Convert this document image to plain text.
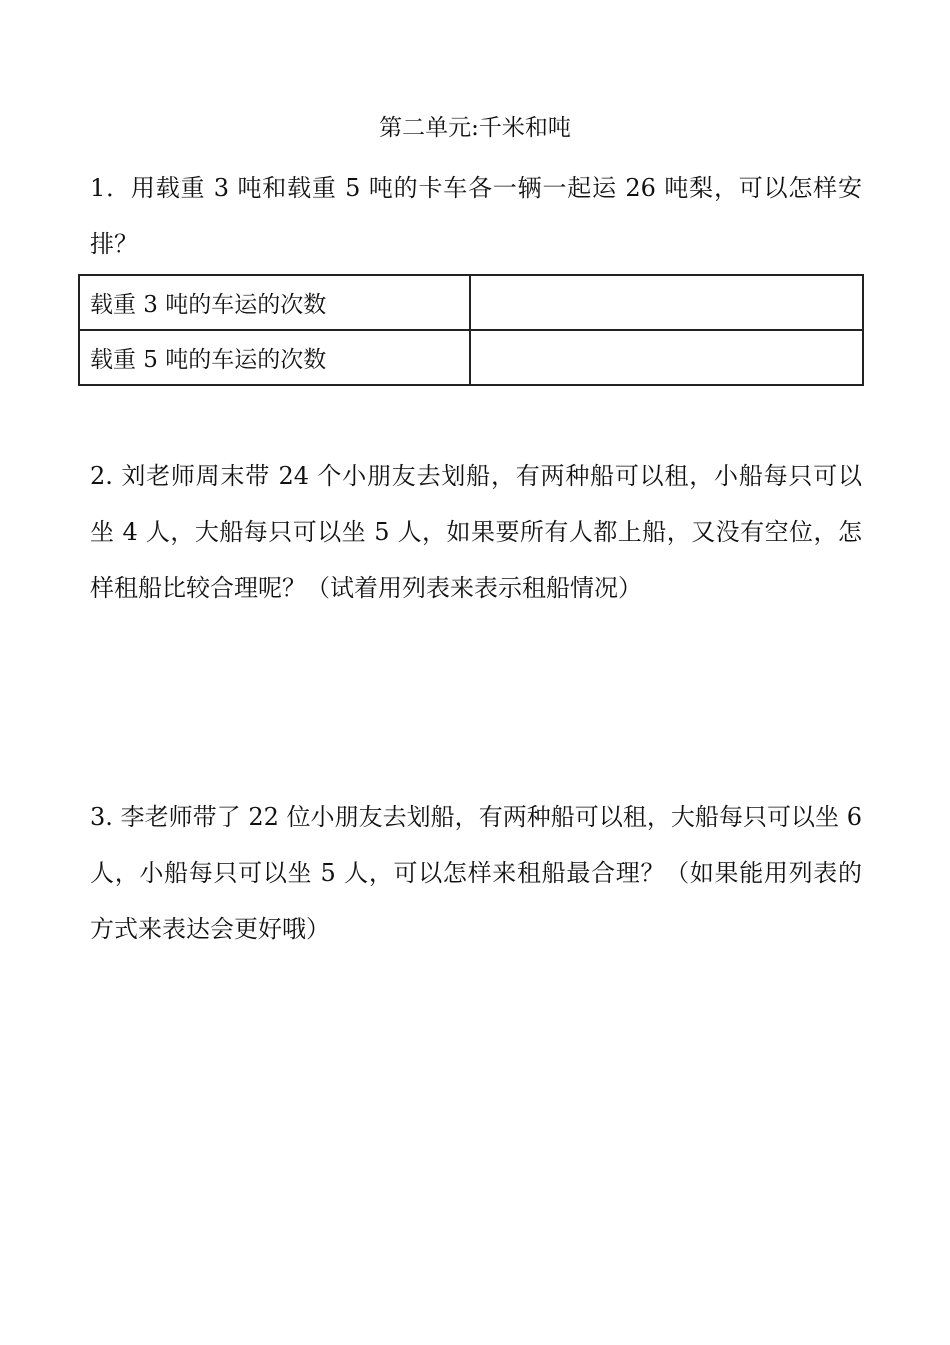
第二单元:千米和吨

1．用载重 3 吨和载重 5 吨的卡车各一辆一起运 26 吨梨，可以怎样安排？

载重 3 吨的车运的次数	
载重 5 吨的车运的次数	

2. 刘老师周末带 24 个小朋友去划船，有两种船可以租，小船每只可以坐 4 人，大船每只可以坐 5 人，如果要所有人都上船，又没有空位，怎样租船比较合理呢？（试着用列表来表示租船情况）

3. 李老师带了 22 位小朋友去划船，有两种船可以租，大船每只可以坐 6 人，小船每只可以坐 5 人，可以怎样来租船最合理？（如果能用列表的方式来表达会更好哦）
